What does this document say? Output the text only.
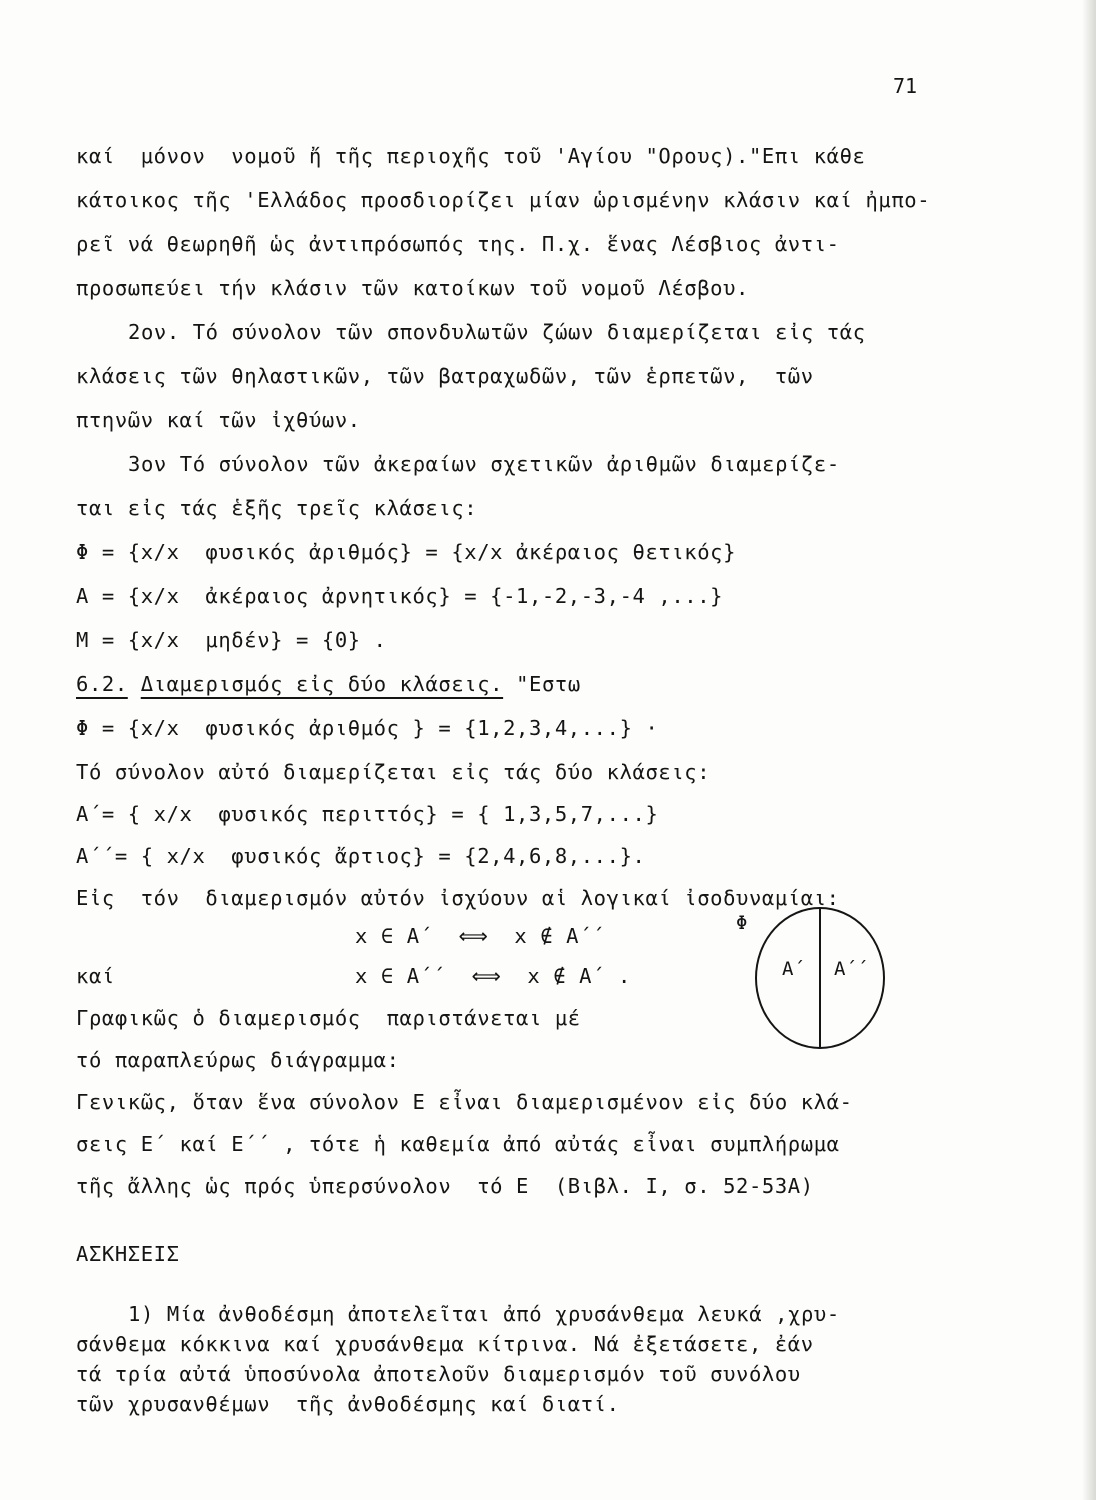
71
καί  μόνον  νομοῦ ἤ τῆς περιοχῆς τοῦ 'Αγίου "Ορους)."Επι κάθε
κάτοικος τῆς 'Ελλάδος προσδιορίζει μίαν ὡρισμένην κλάσιν καί ἠμπο-
ρεῖ νά θεωρηθῆ ὡς ἀντιπρόσωπός της. Π.χ. ἕνας Λέσβιος ἀντι-
προσωπεύει τήν κλάσιν τῶν κατοίκων τοῦ νομοῦ Λέσβου.
2ον. Τό σύνολον τῶν σπονδυλωτῶν ζώων διαμερίζεται εἰς τάς
κλάσεις τῶν θηλαστικῶν, τῶν βατραχωδῶν, τῶν ἑρπετῶν,  τῶν
πτηνῶν καί τῶν ἰχθύων.
3ον Τό σύνολον τῶν ἀκεραίων σχετικῶν ἀριθμῶν διαμερίζε-
ται εἰς τάς ἑξῆς τρεῖς κλάσεις:
Φ = {x/x  φυσικός ἀριθμός} = {x/x ἀκέραιος θετικός}
Α = {x/x  ἀκέραιος ἀρνητικός} = {-1,-2,-3,-4 ,...}
Μ = {x/x  μηδέν} = {0} .
6.2. Διαμερισμός εἰς δύο κλάσεις. "Εστω
Φ = {x/x  φυσικός ἀριθμός } = {1,2,3,4,...} ·
Τό σύνολον αὐτό διαμερίζεται εἰς τάς δύο κλάσεις:
Α΄= { x/x  φυσικός περιττός} = { 1,3,5,7,...}
Α΄΄= { x/x  φυσικός ἄρτιος} = {2,4,6,8,...}.
Εἰς  τόν  διαμερισμόν αὐτόν ἰσχύουν αἱ λογικαί ἰσοδυναμίαι:
x ∈ Α΄  ⟺  x ∉ Α΄΄
καί	x ∈ Α΄΄  ⟺  x ∉ Α΄ .
Γραφικῶς ὁ διαμερισμός  παριστάνεται μέ
τό παραπλεύρως διάγραμμα:
Φ
Α΄ Α΄΄
Γενικῶς, ὅταν ἕνα σύνολον Ε εἶναι διαμερισμένον εἰς δύο κλά-
σεις Ε΄ καί Ε΄΄ , τότε ἡ καθεμία ἀπό αὐτάς εἶναι συμπλήρωμα
τῆς ἄλλης ὡς πρός ὑπερσύνολον  τό Ε  (Βιβλ. Ι, σ. 52-53Α)
ΑΣΚΗΣΕΙΣ
1) Μία ἀνθοδέσμη ἀποτελεῖται ἀπό χρυσάνθεμα λευκά ,χρυ-
σάνθεμα κόκκινα καί χρυσάνθεμα κίτρινα. Νά ἐξετάσετε, ἐάν
τά τρία αὐτά ὑποσύνολα ἀποτελοῦν διαμερισμόν τοῦ συνόλου
τῶν χρυσανθέμων  τῆς ἀνθοδέσμης καί διατί.
